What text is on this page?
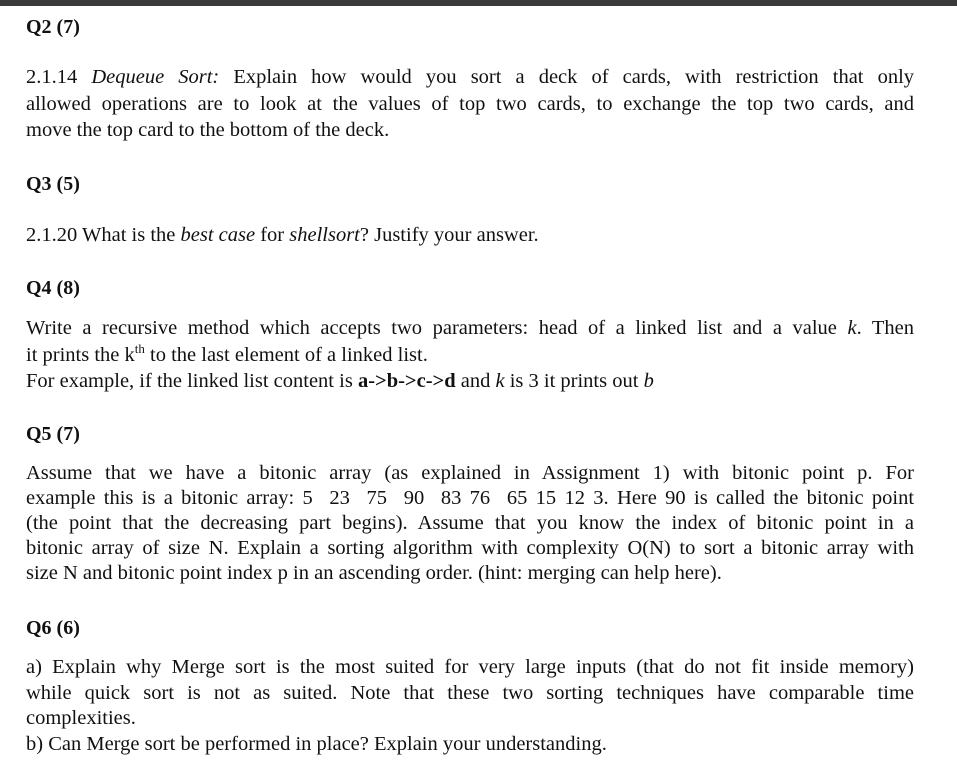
Q2 (7)
2.1.14 Dequeue Sort: Explain how would you sort a deck of cards, with restriction that only
allowed operations are to look at the values of top two cards, to exchange the top two cards, and
move the top card to the bottom of the deck.
Q3 (5)
2.1.20 What is the best case for shellsort? Justify your answer.
Q4 (8)
Write a recursive method which accepts two parameters: head of a linked list and a value k. Then
it prints the $k^{th}$ to the last element of a linked list.
For example, if the linked list content is a->b->c->d and k is 3 it prints out b
Q5 (7)
Assume that we have a bitonic array (as explained in Assignment 1) with bitonic point p. For
example this is a bitonic array: 5  23  75  90  83 76  65 15 12 3. Here 90 is called the bitonic point
(the point that the decreasing part begins). Assume that you know the index of bitonic point in a
bitonic array of size N. Explain a sorting algorithm with complexity O(N) to sort a bitonic array with
size N and bitonic point index p in an ascending order. (hint: merging can help here).
Q6 (6)
a) Explain why Merge sort is the most suited for very large inputs (that do not fit inside memory)
while quick sort is not as suited. Note that these two sorting techniques have comparable time
complexities.
b) Can Merge sort be performed in place? Explain your understanding.
